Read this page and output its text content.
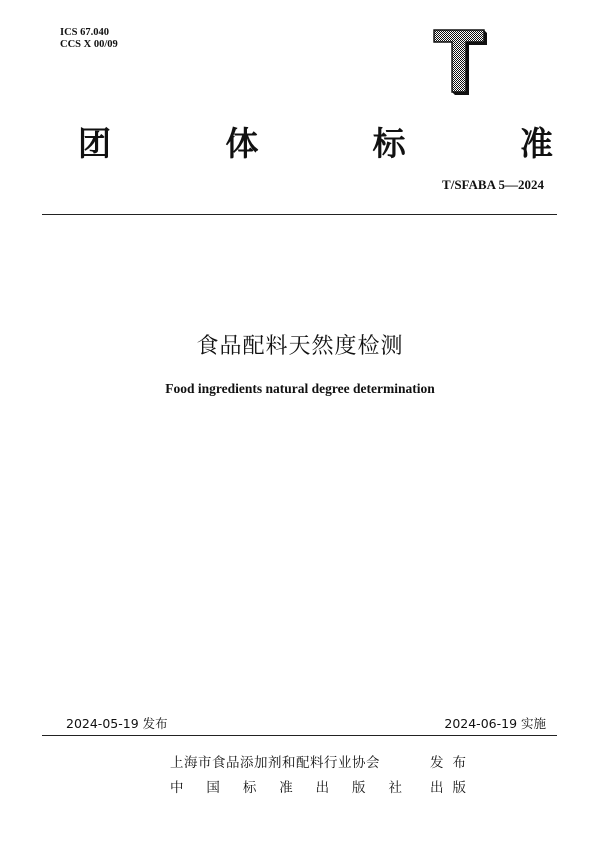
ICS 67.040
CCS X 00/09
团	体	标	准
T/SFABA 5—2024
食品配料天然度检测
Food ingredients natural degree determination
2024-05-19 发布	2024-06-19 实施
上海市食品添加剂和配料行业协会	发 布
中 国 标 准 出 版 社 出 版
